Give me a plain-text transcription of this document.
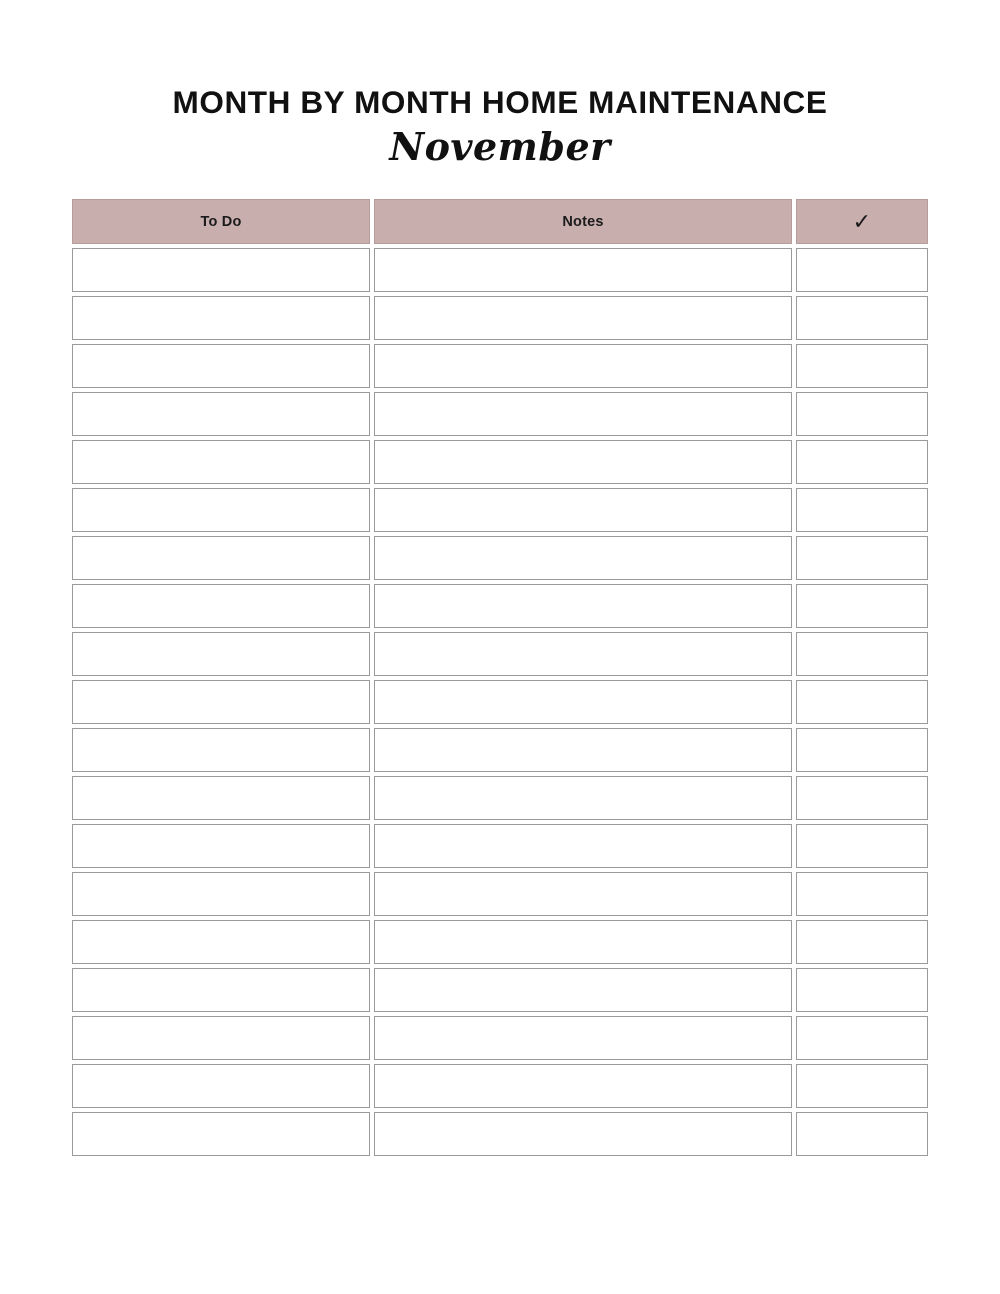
MONTH BY MONTH HOME MAINTENANCE
November
To Do	Notes	✓
